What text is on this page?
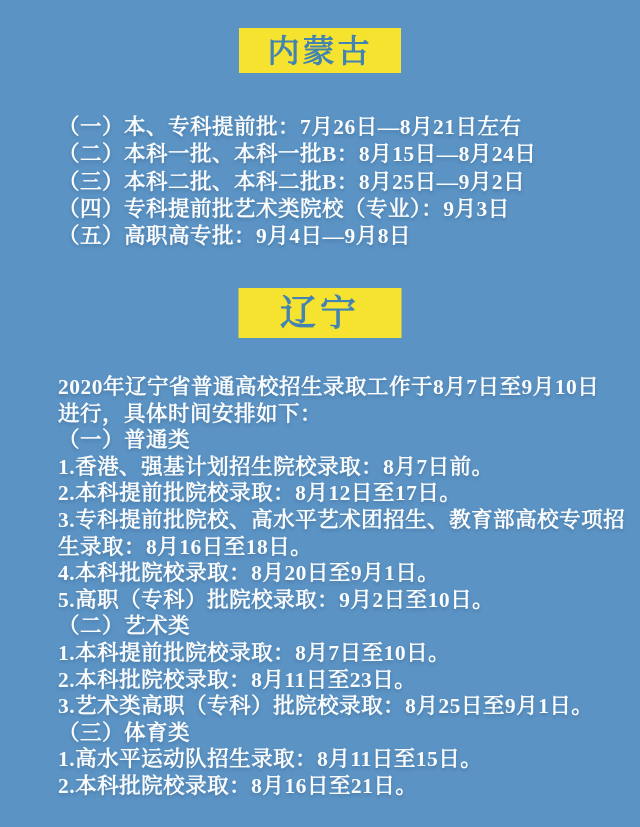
内蒙古
（一）本、专科提前批：7月26日—8月21日左右
（二）本科一批、本科一批B：8月15日—8月24日
（三）本科二批、本科二批B：8月25日—9月2日
（四）专科提前批艺术类院校（专业）：9月3日
（五）高职高专批：9月4日—9月8日
辽宁
2020年辽宁省普通高校招生录取工作于8月7日至9月10日
进行，具体时间安排如下：
（一）普通类
1.香港、强基计划招生院校录取：8月7日前。
2.本科提前批院校录取：8月12日至17日。
3.专科提前批院校、高水平艺术团招生、教育部高校专项招
生录取：8月16日至18日。
4.本科批院校录取：8月20日至9月1日。
5.高职（专科）批院校录取：9月2日至10日。
（二）艺术类
1.本科提前批院校录取：8月7日至10日。
2.本科批院校录取：8月11日至23日。
3.艺术类高职（专科）批院校录取：8月25日至9月1日。
（三）体育类
1.高水平运动队招生录取：8月11日至15日。
2.本科批院校录取：8月16日至21日。
